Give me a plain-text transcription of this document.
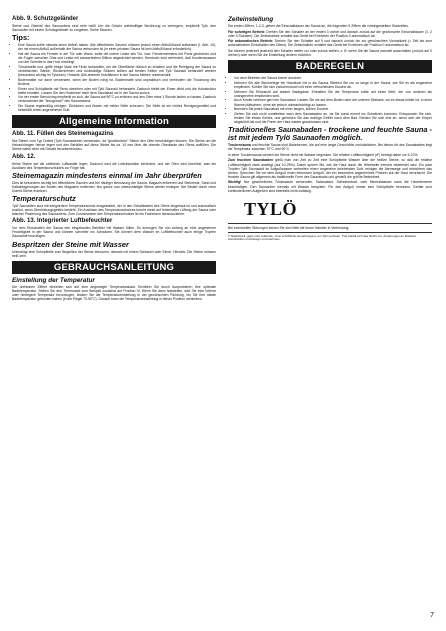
Abb. 9. Schutzgeländer

Steine und Oberteil des Saunaofens sind sehr heiß! Um die Gefahr unfreiwilliger Berührung zu verringern, empfiehlt Tylö, den Saunaofen mit einem Schutzgeländer zu umgeben. Siehe Skizzen.

Tips:
• Eine Sauna sollte niemals einen Abfluß haben. Alle öffentlichen Saunen müssen jedoch einen Abfluß/Kanal aufweisen (I. Abb. 10), der mit einem Abfluß außerhalb der Sauna verbunden ist (in einer privaten Sauna ist kein Abfluß/Kanal erforderlich).
• Hat die Sauna ein Fenster in der Tür oder Wand, sollte die untere Leiste des Tür- bzw. Fensterrahmens mit Firnis gestrichen und die Fugen zwischen Glas und Leiste mit wasserfestem Silikon abgedichtet werden. Hierdurch wird verhindert, daß Kondenswasser von der Scheibe in das Holz eindringt.
• Türschwelle und -griffe einige Male mit Firnis behandeln, um die Oberfläche hübsch zu erhalten und die Reinigung der Sauna zu vereinfachen. Bänke, Rückenlehnen und rückwärtige Stützen sollten auf beiden Seiten mit Tylö Saunaöl behandelt werden (besonders wichtig im Tylarium). Hinweis: Alle anderen Holzflächen in der Sauna bleiben unbehandelt.
• Bodenmatte nur dann verwenden, wenn der Boden ruhig ist. Bodenmatte sind unpraktisch und verhindern die Trocknung des Bodens.
• Eimer und Schöpfkelle mit Firnis streichen oder mit Tylö Saunaöl behandeln. Dadurch bleibt der Eimer dicht und die Holzstruktur bleibt erhalten. Lassen Sie den Holzeimer nach dem Saunabad nie in der Sauna zurück.
• Vor der ersten Benutzung empfiehlt es sich, die Sauna auf 90°C zu erhitzen und den Ofen etwa 1 Stunde laufen zu lassen. Dadurch verschwindet der "Neugeruch" des Saunaraums.
• Die Sauna regelmäßig reinigen. Stühlchen und Boden mit milder Seife scheuern. Die Seife ist ein mildes Reinigungsmittel und hinterläßt einen angenehmen Duft.
Allgemeine Information
Abb. 11. Füllen des Steinemagazins

Nur Steine vom Typ Dolerit (Tylö Saunasteine) verwenden, da "gewöhnliche" Steine den Ofen beschädigen können. Die Steine um die Heizschlangen herum legen und den Behälter auf diese Weise bis ca. 10 mm über die oberste Oberkante des Ofens auffüllen. Die Steine dabei nicht mit Gewalt herunterdrücken.

Abb. 12.

Keine Steine auf die seitlichen Luftkanäle legen. Dadurch wird die Luftzirkulation behindert, und der Ofen wird überhitzt, was ein Auslösen des Temperaturschutzes zur Folge hat.

Steinemagazin mindestens einmal im Jahr überprüfen

Dies ist besonders wichtig bei öffentlichen Saunen und bei häufiger Benutzung der Sauna. Magazin entleeren und Steinreste, Sand und Kalkablagerungen am Boden des Magazins entfernen. Nur ganze und unbeschädigte Steine wieder einlegen. Bei Bedarf durch neue Dolerit-Steine ersetzen.

Temperaturschutz

Tylö Saunaöfen sind mit integriertem Temperaturschutz ausgestattet, der in den Schaltkasten des Ofens eingebaut ist und automatisch auslöst, wenn Überhitzungsgefahr besteht. Ein Auslösen des Temperaturschutzes beruht meist auf fehlerhafter Lüftung der Sauna oder falscher Plazierung des Saunaofens. Zum Zurücksetzen des Temperaturschutzes ist ein Fachmann heranzuziehen.

Abb. 13. Integrierter Luftbefeuchter

Vor dem Einschalten der Sauna den eingebauten Behälter mit Wasser füllen. So erzeugen Sie von Anfang an eine angenehme Feuchtigkeit in der Sauna und können schneller ins Schwitzen. Sie können dem Wasser im Luftbefeuchter auch einige Tropfen Saunaduft hinzufügen.

Bespritzen der Steine mit Wasser

Unbedingt eine Schöpfkelle zum Begießen der Steine benutzen, niemals mit einem Schlauch oder Eimer. Hinweis: Die Steine müssen heiß sein.

GEBRAUCHSANLEITUNG
Einstellung der Temperatur

Die drehbaren Ziffern beziehen sich auf eine angezeigte Temperaturskala. Ermitteln Sie durch Ausprobieren Ihre optimale Badetemperatur. Stellen Sie den Thermostat zum Beispiel zunächst auf Position IV. Wenn Sie dann feststellen, daß Sie eine höhere oder niedrigere Temperatur bevorzugen, ändern Sie die Temperatureinstellung in der gewünschten Richtung, bis Sie Ihre ideale Badetemperatur gefunden haben (in der Regel 70-90°C). Danach kann die Temperatureinstellung in dieser Position verbleiben.

Zeiteinstellung

Die ersten Ziffern, 1-2-3, geben die Einschaltdauer der Sauna an, die folgenden 9 Ziffern die voreingestellten Startzeiten.

Für sofortigen Betrieb: Drehen Sie den Schalter an der ersten 3 vorbei und danach zurück auf die gewünschte Einschaltdauer (1, 2 oder 3 Stunden). Die Zeitschaltuhr schaltet das Gerät bei Erreichen der Position 0 automatisch ab.

Für automatischen Betrieb: Drehen Sie den Schalter auf 9 und danach zurück bis zur gewünschten Vorwahlzeit (= Zeit bis zum automatischen Einschalten des Ofens). Die Zeitschaltuhr schaltet das Gerät bei Erreichen der Position 0 automatisch ab.

Sie können jederzeit jederzeit den Schalter weiter vor oder zurück stellen, z. B. wenn Sie die Sauna manuell ausschalten (zurück auf 0 drehen) oder wenn Sie die Einstellung ändern möchten.

BADEREGELN
• Vor dem Betreten der Sauna immer duschen.
• Nehmen Sie alle Steuerelege ein Handtuch mit in die Sauna. Bleiben Sie nur so lange in der Sauna, wie Sie es als angenehm empfinden. Kühlen Sie sich zwischendurch mit einer erfrischenden Dusche ab.
• Nehmen Sie Rücksicht auf andere Badegäste. Einhalten Sie die Temperatur sollte auf einen Wert, der von anderen als unangenehm empfunden wird.
• Auch Kinder nehmen gern ein Saunabad. Lassen Sie sie auf dem Boden oder der unteren Sitzbank, wo es etwas kühler ist, in einer Wanne plätschern, ohne sie jedoch unbeaufsichtigt zu lassen.
• Beenden Sie jedes Saunabad mit einer langen, kühlen Dusche.
• Ziehen Sie sich nicht unmittelbar nach dem Saunabaden an, da Sie sonst erneut ins Schwitzen kommen. Entspannen Sie sich, trinken Sie etwas Kühles, und genießen Sie das wohlige Gefühl nach dem Bad. Kleiden Sie sich erst an, wenn sich der Körper abgekühlt hat und die Poren der Haut wieder geschlossen sind.
Traditionelles Saunabaden - trockene und feuchte Sauna - ist mit jedem Tylö Saunaofen möglich.

Trockensauna und feuchte Sauna sind Badeformen, die auf eine lange Geschichte zurückblicken. Bei dieser Art des Saunabades liegt die Temperatur zwischen 70°C und 90°C.

In einer Trockensauna werden die Steine nicht mit Wasser begossen. Die relative Luftfeuchtigkeit (rF) beträgt dabei nur 5-10%.

Zum feuchten Saunabaden gießt man von Zeit zu Zeit eine Schöpfkelle Wasser über die heißen Steine, so daß die relative Luftfeuchtigkeit stark ansteigt (auf 10-25%). Dabei spüren Sie, wie die Haut durch die Hitzewelle intensiv bearbeitet wird. Ein paar Tropfen Tylö Saunaduft im Aufgußwasser verbreiten einen angenehm belebenden Duft, reinigen die Atemwege und erleichtern das Atmen. Sprechen Sie vor dem Aufguß einen intensiven Aufguß, der ein besonders angenehmes Prickeln auf der Haut verursacht. Die feuchte Sauna gilt allgemein als traditionelle Form des Saunabads und genießt die größte Beliebtheit.

Wichtig! Nur gewöhnliches Trinkwasser verwenden. Salzwasser, Schwimmbad- oder Mineralwasser kann die Heizelemente beschädigen. Den Saunaofen niemals mit Wasser bespülen. Für den Aufguß immer eine Schöpfkelle benutzen. Geräte zum kontinuierlichen Aufgießen sind ebenfalls nicht zulässig.

TYLÖ

Bei eventuellen Störungen setzen Sie sich bitte mit Ihrem Händler in Verbindung.

© Nachdruck, ganz oder teilweise, ohne schriftliche Genehmigung von Tylö verboten. Tylö behält sich das Recht vor, Änderungen an Material, Konstruktion und Design vorzunehmen.

7
